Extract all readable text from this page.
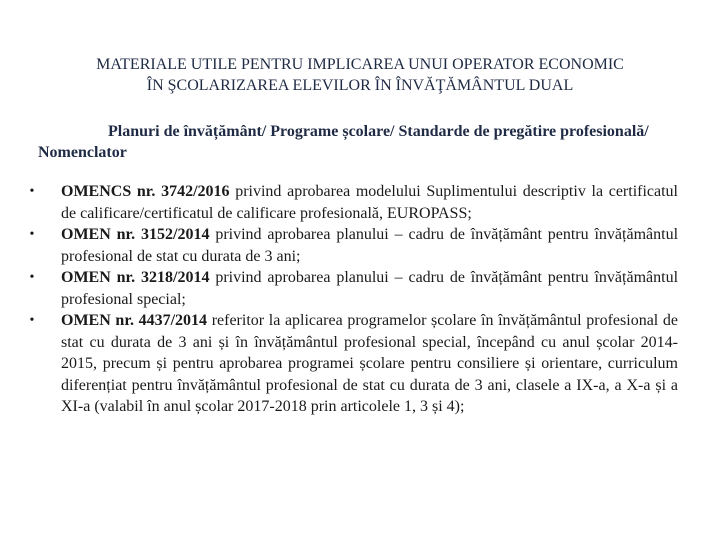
MATERIALE UTILE PENTRU IMPLICAREA UNUI OPERATOR ECONOMIC
ÎN ŞCOLARIZAREA ELEVILOR ÎN ÎNVĂŢĂMÂNTUL DUAL

Planuri de învățământ/ Programe școlare/ Standarde de pregătire profesională/ Nomenclator

• OMENCS nr. 3742/2016 privind aprobarea modelului Suplimentului descriptiv la certificatul de calificare/certificatul de calificare profesională, EUROPASS;
• OMEN nr. 3152/2014 privind aprobarea planului – cadru de învățământ pentru învățământul profesional de stat cu durata de 3 ani;
• OMEN nr. 3218/2014 privind aprobarea planului – cadru de învățământ pentru învățământul profesional special;
• OMEN nr. 4437/2014 referitor la aplicarea programelor școlare în învățământul profesional de stat cu durata de 3 ani și în învățământul profesional special, începând cu anul școlar 2014-2015, precum și pentru aprobarea programei școlare pentru consiliere și orientare, curriculum diferențiat pentru învățământul profesional de stat cu durata de 3 ani, clasele a IX-a, a X-a și a XI-a (valabil în anul școlar 2017-2018 prin articolele 1, 3 și 4);
